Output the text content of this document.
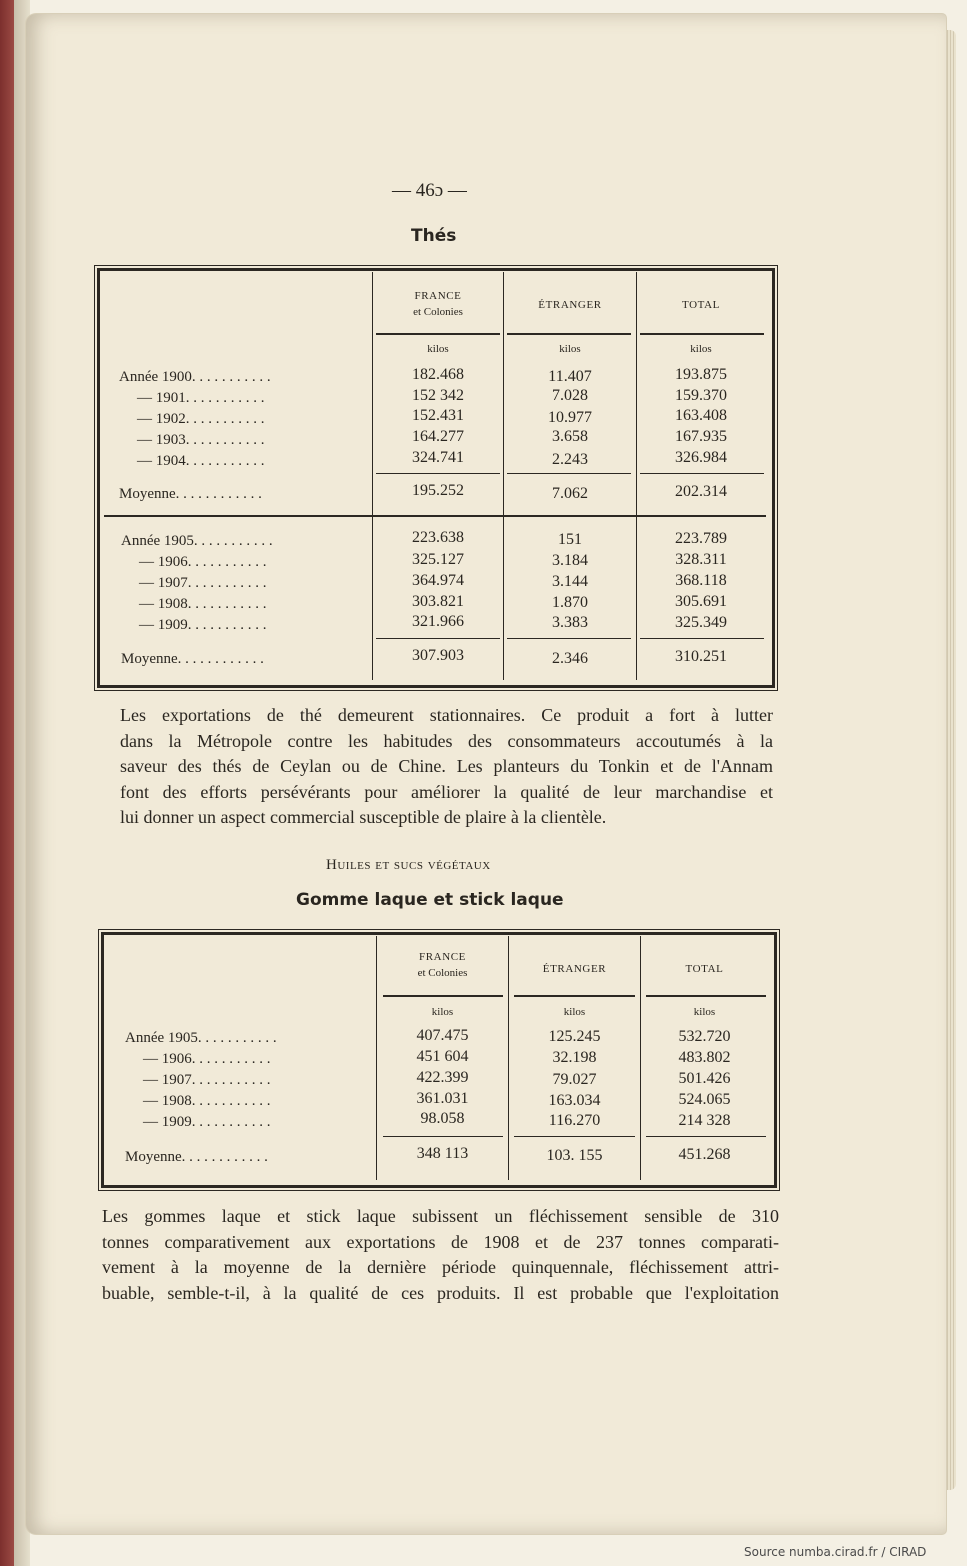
— 46ɔ —
Thés
FRANCE
et Colonies
ÉTRANGER	TOTAL
kilos	kilos	kilos
Année 1900. . . . . . . . . . .	182.468	11.407	193.875
— 1901. . . . . . . . . . .	152 342	7.028	159.370
— 1902. . . . . . . . . . .	152.431	10.977	163.408
— 1903. . . . . . . . . . .	164.277	3.658	167.935
— 1904. . . . . . . . . . .	324.741	2.243	326.984
Moyenne. . . . . . . . . . . .	195.252	7.062	202.314
Année 1905. . . . . . . . . . .	223.638	151	223.789
— 1906. . . . . . . . . . .	325.127	3.184	328.311
— 1907. . . . . . . . . . .	364.974	3.144	368.118
— 1908. . . . . . . . . . .	303.821	1.870	305.691
— 1909. . . . . . . . . . .	321.966	3.383	325.349
Moyenne. . . . . . . . . . . .	307.903	2.346	310.251
Les exportations de thé demeurent stationnaires. Ce produit a fort à lutter
dans la Métropole contre les habitudes des consommateurs accoutumés à la
saveur des thés de Ceylan ou de Chine. Les planteurs du Tonkin et de l'Annam
font des efforts persévérants pour améliorer la qualité de leur marchandise et
lui donner un aspect commercial susceptible de plaire à la clientèle.
Huiles et sucs végétaux
Gomme laque et stick laque
FRANCE
et Colonies	ÉTRANGER	TOTAL
kilos	kilos	kilos
Année 1905. . . . . . . . . . .	407.475	125.245	532.720
— 1906. . . . . . . . . . .	451 604	32.198	483.802
— 1907. . . . . . . . . . .	422.399	79.027	501.426
— 1908. . . . . . . . . . .	361.031	163.034	524.065
— 1909. . . . . . . . . . .	98.058	116.270	214 328
Moyenne. . . . . . . . . . . .	348 113	103. 155	451.268
Les gommes laque et stick laque subissent un fléchissement sensible de 310
tonnes comparativement aux exportations de 1908 et de 237 tonnes comparati-
vement à la moyenne de la dernière période quinquennale, fléchissement attri-
buable, semble-t-il, à la qualité de ces produits. Il est probable que l'exploitation
Source numba.cirad.fr / CIRAD
